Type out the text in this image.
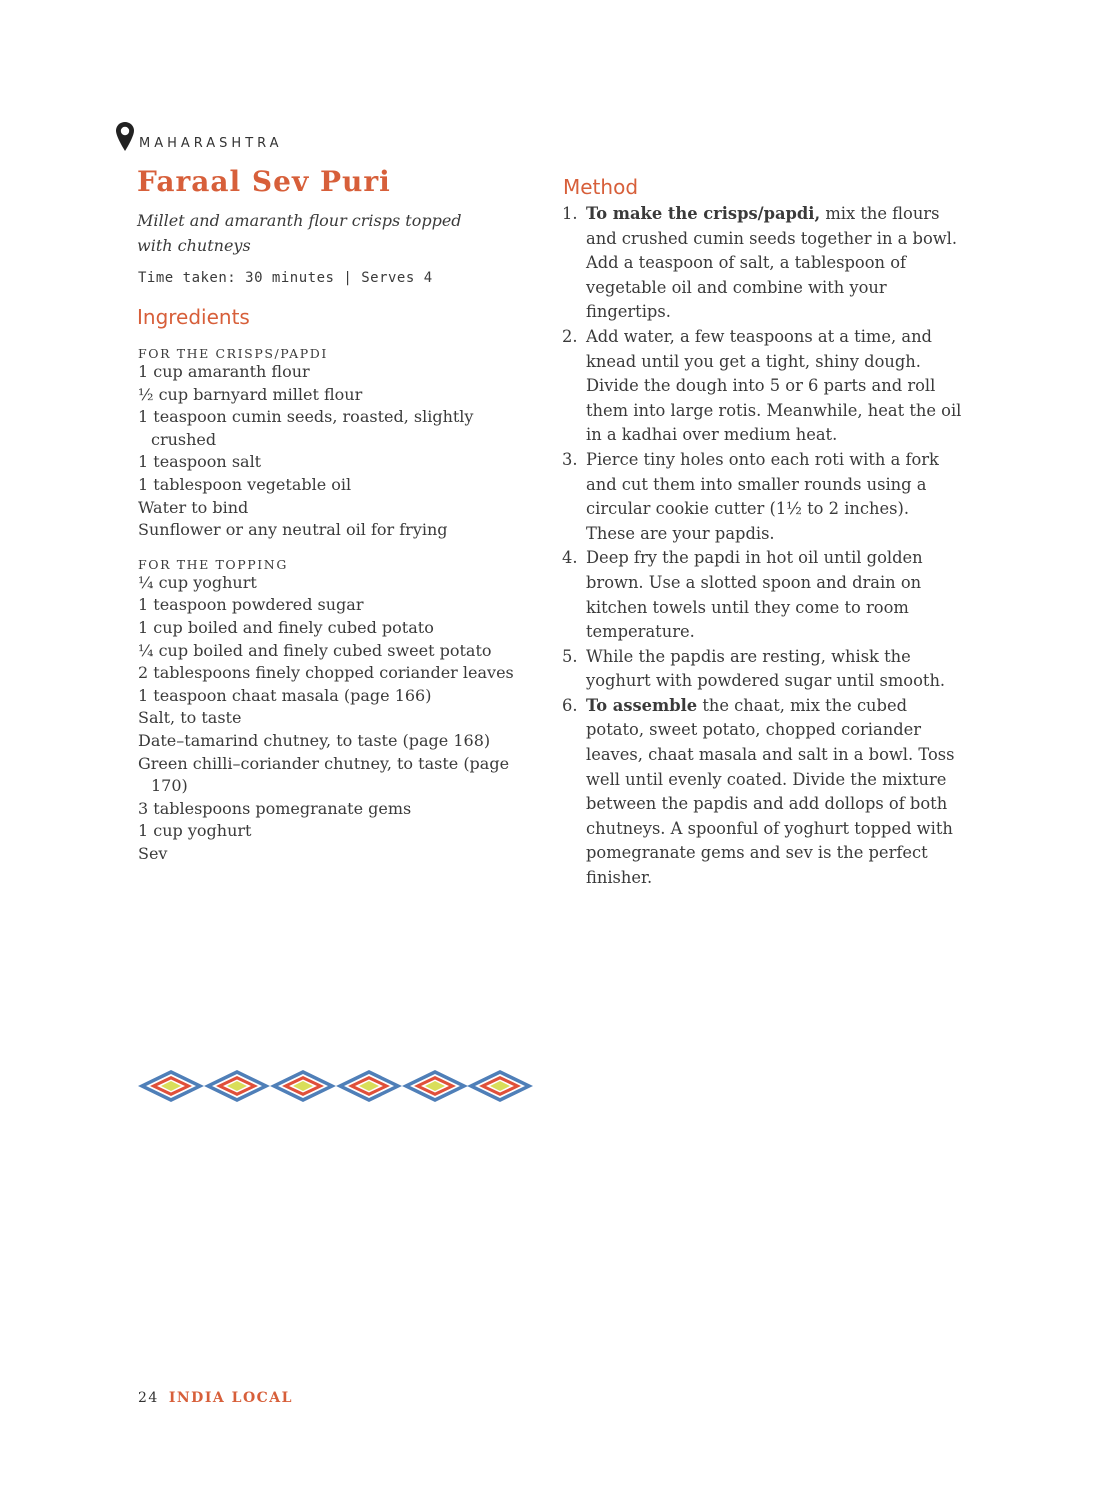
MAHARASHTRA
Faraal Sev Puri
Millet and amaranth flour crisps topped with chutneys
Time taken: 30 minutes | Serves 4
Ingredients
FOR THE CRISPS/PAPDI
1 cup amaranth flour
½ cup barnyard millet flour
1 teaspoon cumin seeds, roasted, slightly crushed
1 teaspoon salt
1 tablespoon vegetable oil
Water to bind
Sunflower or any neutral oil for frying
FOR THE TOPPING
¼ cup yoghurt
1 teaspoon powdered sugar
1 cup boiled and finely cubed potato
¼ cup boiled and finely cubed sweet potato
2 tablespoons finely chopped coriander leaves
1 teaspoon chaat masala (page 166)
Salt, to taste
Date–tamarind chutney, to taste (page 168)
Green chilli–coriander chutney, to taste (page 170)
3 tablespoons pomegranate gems
1 cup yoghurt
Sev
Method
1. To make the crisps/papdi, mix the flours and crushed cumin seeds together in a bowl. Add a teaspoon of salt, a tablespoon of vegetable oil and combine with your fingertips.
2. Add water, a few teaspoons at a time, and knead until you get a tight, shiny dough. Divide the dough into 5 or 6 parts and roll them into large rotis. Meanwhile, heat the oil in a kadhai over medium heat.
3. Pierce tiny holes onto each roti with a fork and cut them into smaller rounds using a circular cookie cutter (1½ to 2 inches). These are your papdis.
4. Deep fry the papdi in hot oil until golden brown. Use a slotted spoon and drain on kitchen towels until they come to room temperature.
5. While the papdis are resting, whisk the yoghurt with powdered sugar until smooth.
6. To assemble the chaat, mix the cubed potato, sweet potato, chopped coriander leaves, chaat masala and salt in a bowl. Toss well until evenly coated. Divide the mixture between the papdis and add dollops of both chutneys. A spoonful of yoghurt topped with pomegranate gems and sev is the perfect finisher.
24 INDIA LOCAL
